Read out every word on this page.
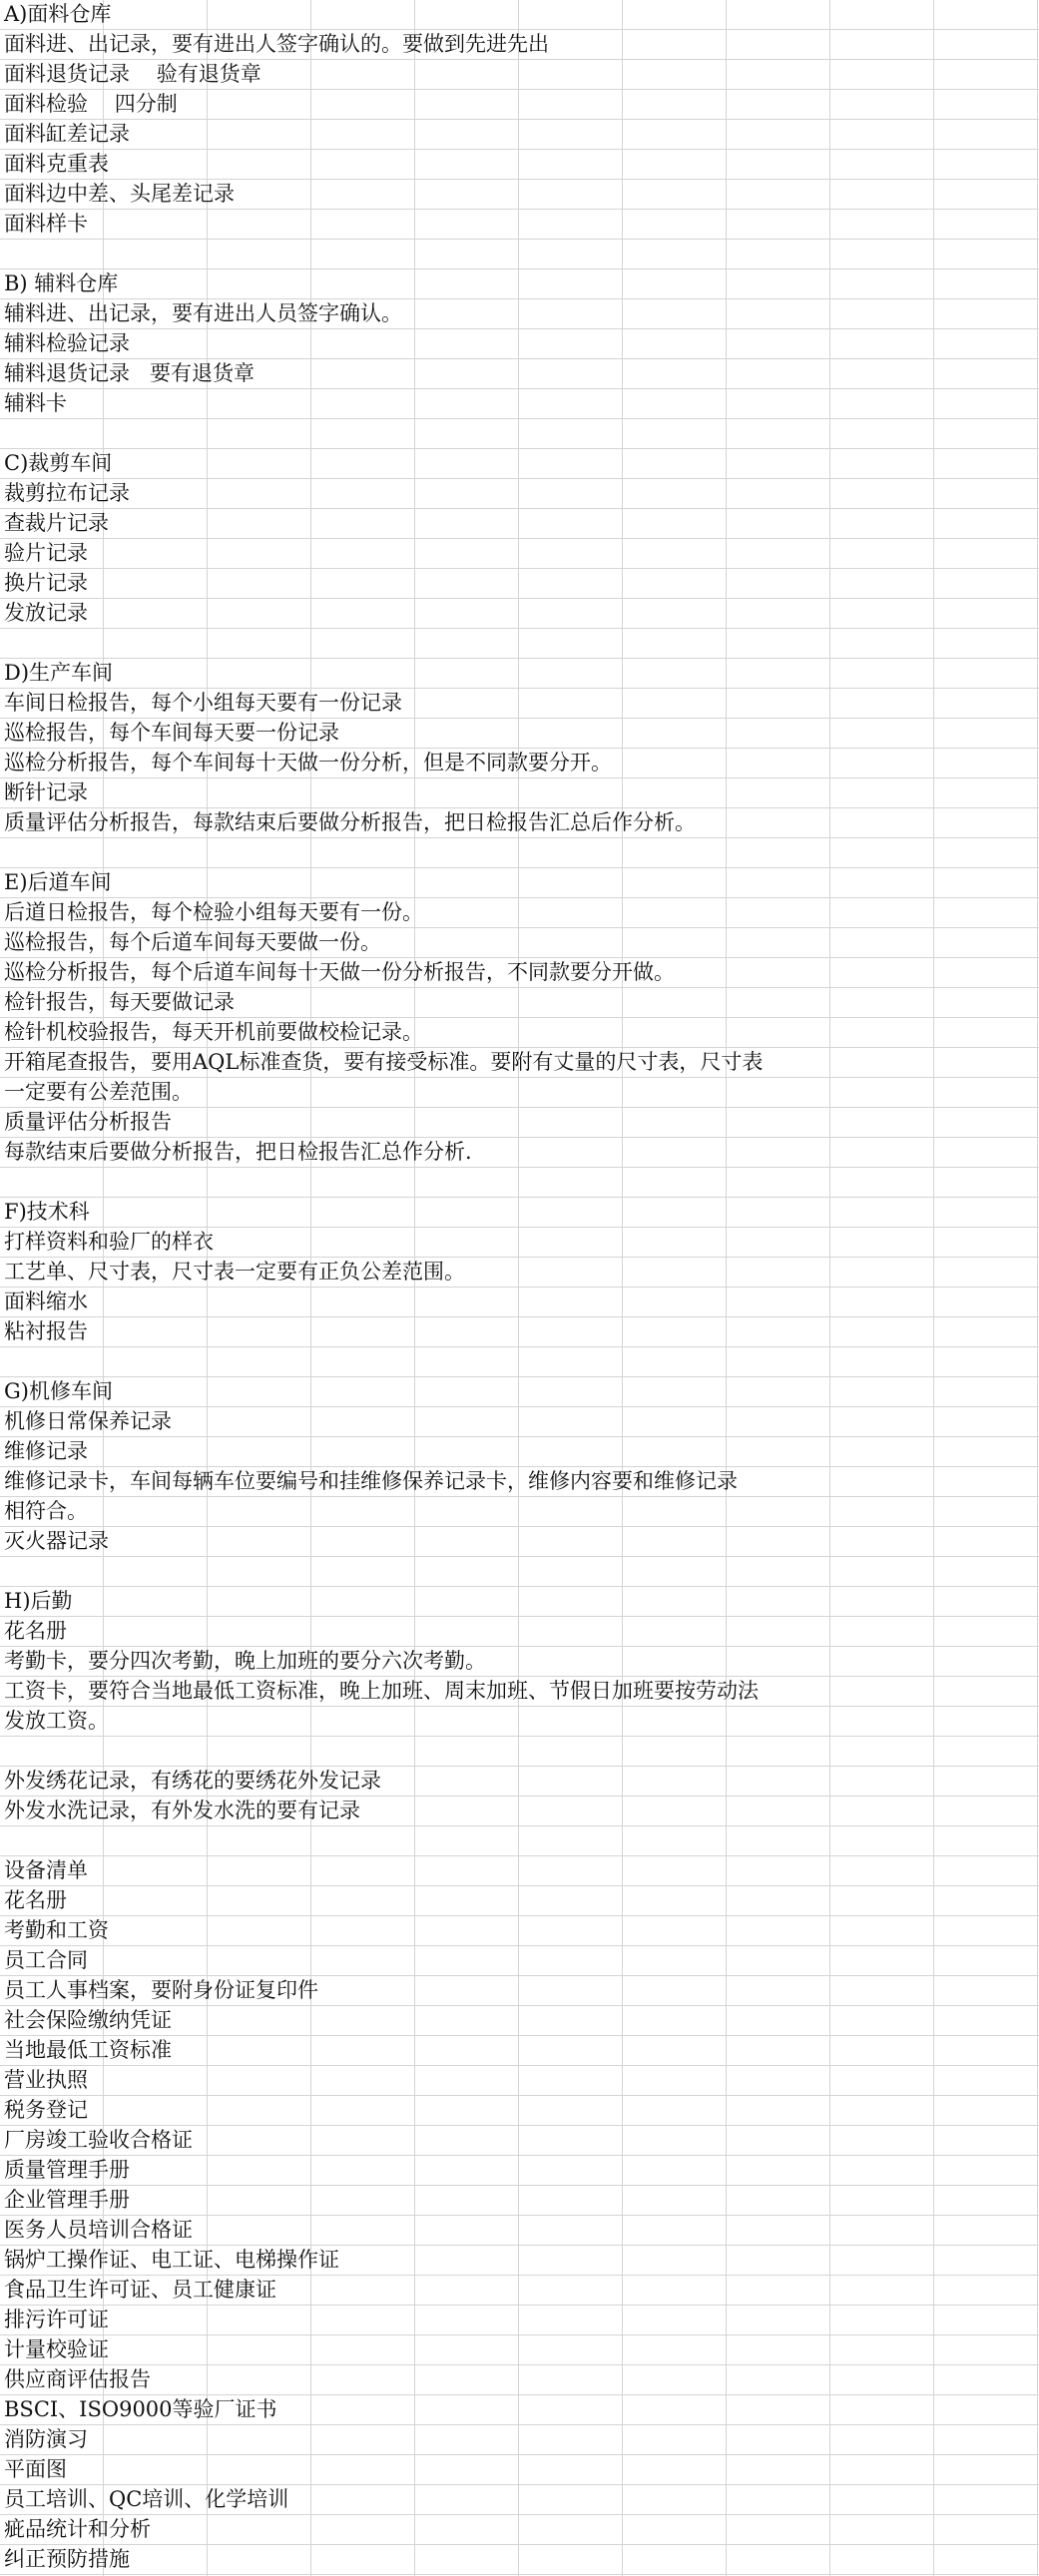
A)面料仓库
面料进、出记录，要有进出人签字确认的。要做到先进先出
面料退货记录    验有退货章
面料检验    四分制
面料缸差记录
面料克重表
面料边中差、头尾差记录
面料样卡
B) 辅料仓库
辅料进、出记录，要有进出人员签字确认。
辅料检验记录
辅料退货记录   要有退货章
辅料卡
C)裁剪车间
裁剪拉布记录
查裁片记录
验片记录
换片记录
发放记录
D)生产车间
车间日检报告，每个小组每天要有一份记录
巡检报告，每个车间每天要一份记录
巡检分析报告，每个车间每十天做一份分析，但是不同款要分开。
断针记录
质量评估分析报告，每款结束后要做分析报告，把日检报告汇总后作分析。
E)后道车间
后道日检报告，每个检验小组每天要有一份。
巡检报告，每个后道车间每天要做一份。
巡检分析报告，每个后道车间每十天做一份分析报告，不同款要分开做。
检针报告，每天要做记录
检针机校验报告，每天开机前要做校检记录。
开箱尾查报告，要用AQL标准查货，要有接受标准。要附有丈量的尺寸表，尺寸表
一定要有公差范围。
质量评估分析报告
每款结束后要做分析报告，把日检报告汇总作分析.
F)技术科
打样资料和验厂的样衣
工艺单、尺寸表，尺寸表一定要有正负公差范围。
面料缩水
粘衬报告
G)机修车间
机修日常保养记录
维修记录
维修记录卡，车间每辆车位要编号和挂维修保养记录卡，维修内容要和维修记录
相符合。
灭火器记录
H)后勤
花名册
考勤卡，要分四次考勤，晚上加班的要分六次考勤。
工资卡，要符合当地最低工资标准，晚上加班、周末加班、节假日加班要按劳动法
发放工资。
外发绣花记录，有绣花的要绣花外发记录
外发水洗记录，有外发水洗的要有记录
设备清单
花名册
考勤和工资
员工合同
员工人事档案，要附身份证复印件
社会保险缴纳凭证
当地最低工资标准
营业执照
税务登记
厂房竣工验收合格证
质量管理手册
企业管理手册
医务人员培训合格证
锅炉工操作证、电工证、电梯操作证
食品卫生许可证、员工健康证
排污许可证
计量校验证
供应商评估报告
BSCI、ISO9000等验厂证书
消防演习
平面图
员工培训、QC培训、化学培训
疵品统计和分析
纠正预防措施
